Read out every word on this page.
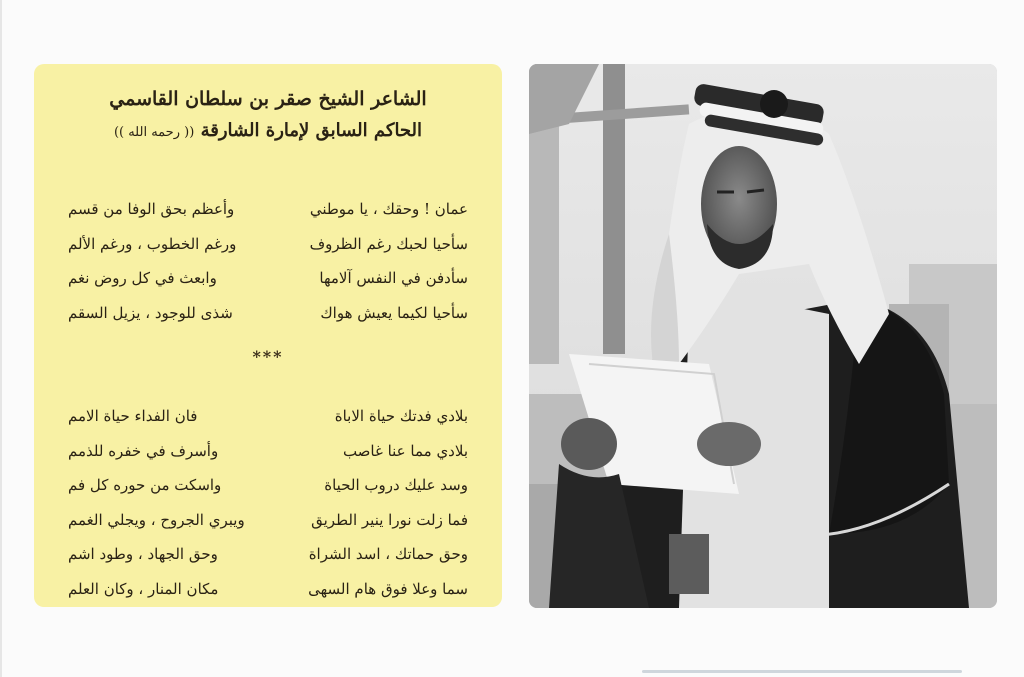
الشاعر الشيخ صقر بن سلطان القاسمي
الحاكم السابق لإمارة الشارقة (( رحمه الله ))
عمان ! وحقك ، يا موطني
وأعظم بحق الوفا من قسم
سأحيا لحبك رغم الظروف
ورغم الخطوب ، ورغم الألم
سأدفن في النفس آلامها
وابعث في كل روض نغم
سأحيا لكيما يعيش هواك
شذى للوجود ، يزيل السقم
***
بلادي فدتك حياة الاباة
فان الفداء حياة الامم
بلادي مما عنا غاصب
وأسرف في خفره للذمم
وسد عليك دروب الحياة
واسكت من حوره كل فم
فما زلت نورا ينير الطريق
ويبري الجروح ، ويجلي الغمم
وحق حماتك ، اسد الشراة
وحق الجهاد ، وطود اشم
سما وعلا فوق هام السهى
مكان المنار ، وكان العلم
